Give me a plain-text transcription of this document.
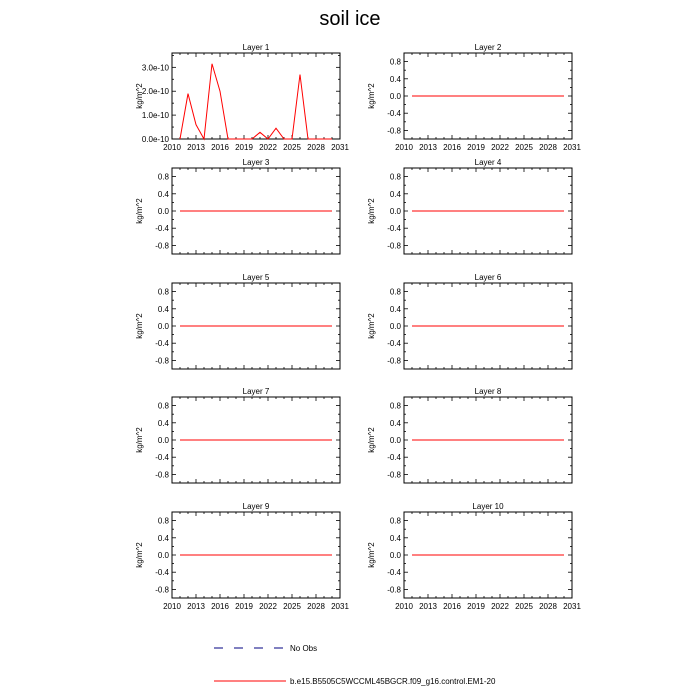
soil ice
2010 2013 2016 2019 2022 2025 2028 2031
0.0e-10
1.0e-10
2.0e-10
3.0e-10
Layer 1
kg/m^2
2010 2013 2016 2019 2022 2025 2028 2031
-0.8
-0.4
0.0
0.4
0.8
Layer 2
kg/m^2
-0.8
-0.4
0.0
0.4
0.8
Layer 3
kg/m^2
-0.8
-0.4
0.0
0.4
0.8
Layer 4
kg/m^2
-0.8
-0.4
0.0
0.4
0.8
Layer 5
kg/m^2
-0.8
-0.4
0.0
0.4
0.8
Layer 6
kg/m^2
-0.8
-0.4
0.0
0.4
0.8
Layer 7
kg/m^2
-0.8
-0.4
0.0
0.4
0.8
Layer 8
kg/m^2
2010 2013 2016 2019 2022 2025 2028 2031
-0.8
-0.4
0.0
0.4
0.8
Layer 9
kg/m^2
2010 2013 2016 2019 2022 2025 2028 2031
-0.8
-0.4
0.0
0.4
0.8
Layer 10
kg/m^2
No Obs
b.e15.B5505C5WCCML45BGCR.f09_g16.control.EM1-20
